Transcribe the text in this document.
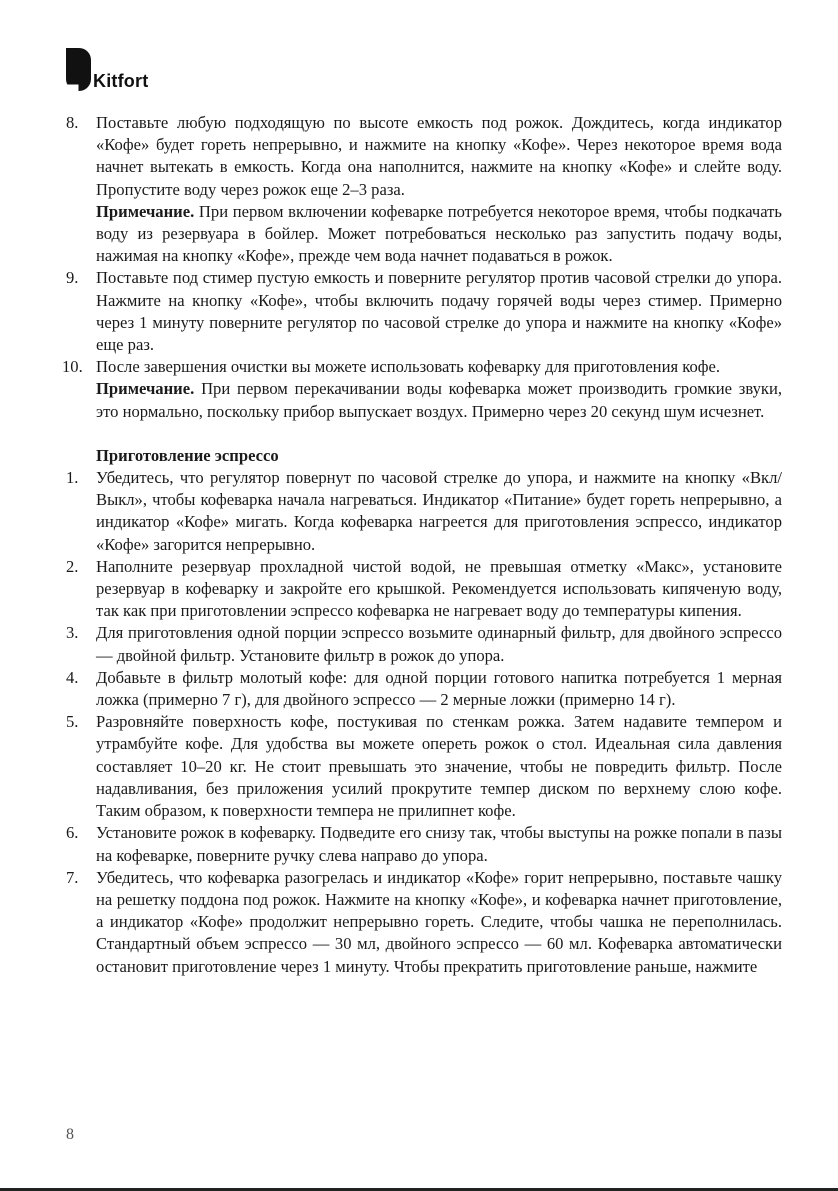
Kitfort
8.	Поставьте любую подходящую по высоте емкость под рожок. Дождитесь, когда индикатор «Кофе» будет гореть непрерывно, и нажмите на кнопку «Кофе». Через некоторое время вода начнет вытекать в емкость. Когда она наполнится, нажмите на кнопку «Кофе» и слейте воду. Пропустите воду через рожок еще 2–3 раза.
Примечание. При первом включении кофеварке потребуется некоторое время, чтобы подкачать воду из резервуара в бойлер. Может потребоваться несколько раз запустить подачу воды, нажимая на кнопку «Кофе», прежде чем вода начнет подаваться в рожок.
9.	Поставьте под стимер пустую емкость и поверните регулятор против часовой стрелки до упора. Нажмите на кнопку «Кофе», чтобы включить подачу горячей воды через стимер. Примерно через 1 минуту поверните регулятор по часовой стрелке до упора и нажмите на кнопку «Кофе» еще раз.
10. После завершения очистки вы можете использовать кофеварку для приготовления кофе.
Примечание. При первом перекачивании воды кофеварка может производить громкие звуки, это нормально, поскольку прибор выпускает воздух. Примерно через 20 секунд шум исчезнет.
Приготовление эспрессо
1.	Убедитесь, что регулятор повернут по часовой стрелке до упора, и нажмите на кнопку «Вкл/Выкл», чтобы кофеварка начала нагреваться. Индикатор «Питание» будет гореть непрерывно, а индикатор «Кофе» мигать. Когда кофеварка нагреется для приготовления эспрессо, индикатор «Кофе» загорится непрерывно.
2.	Наполните резервуар прохладной чистой водой, не превышая отметку «Макс», установите резервуар в кофеварку и закройте его крышкой. Рекомендуется использовать кипяченую воду, так как при приготовлении эспрессо кофеварка не нагревает воду до температуры кипения.
3.	Для приготовления одной порции эспрессо возьмите одинарный фильтр, для двойного эспрессо — двойной фильтр. Установите фильтр в рожок до упора.
4.	Добавьте в фильтр молотый кофе: для одной порции готового напитка потребуется 1 мерная ложка (примерно 7 г), для двойного эспрессо — 2 мерные ложки (примерно 14 г).
5.	Разровняйте поверхность кофе, постукивая по стенкам рожка. Затем надавите темпером и утрамбуйте кофе. Для удобства вы можете опереть рожок о стол. Идеальная сила давления составляет 10–20 кг. Не стоит превышать это значение, чтобы не повредить фильтр. После надавливания, без приложения усилий прокрутите темпер диском по верхнему слою кофе. Таким образом, к поверхности темпера не прилипнет кофе.
6.	Установите рожок в кофеварку. Подведите его снизу так, чтобы выступы на рожке попали в пазы на кофеварке, поверните ручку слева направо до упора.
7.	Убедитесь, что кофеварка разогрелась и индикатор «Кофе» горит непрерывно, поставьте чашку на решетку поддона под рожок. Нажмите на кнопку «Кофе», и кофеварка начнет приготовление, а индикатор «Кофе» продолжит непрерывно гореть. Следите, чтобы чашка не переполнилась. Стандартный объем эспрессо — 30 мл, двойного эспрессо — 60 мл. Кофеварка автоматически остановит приготовление через 1 минуту. Чтобы прекратить приготовление раньше, нажмите
8
